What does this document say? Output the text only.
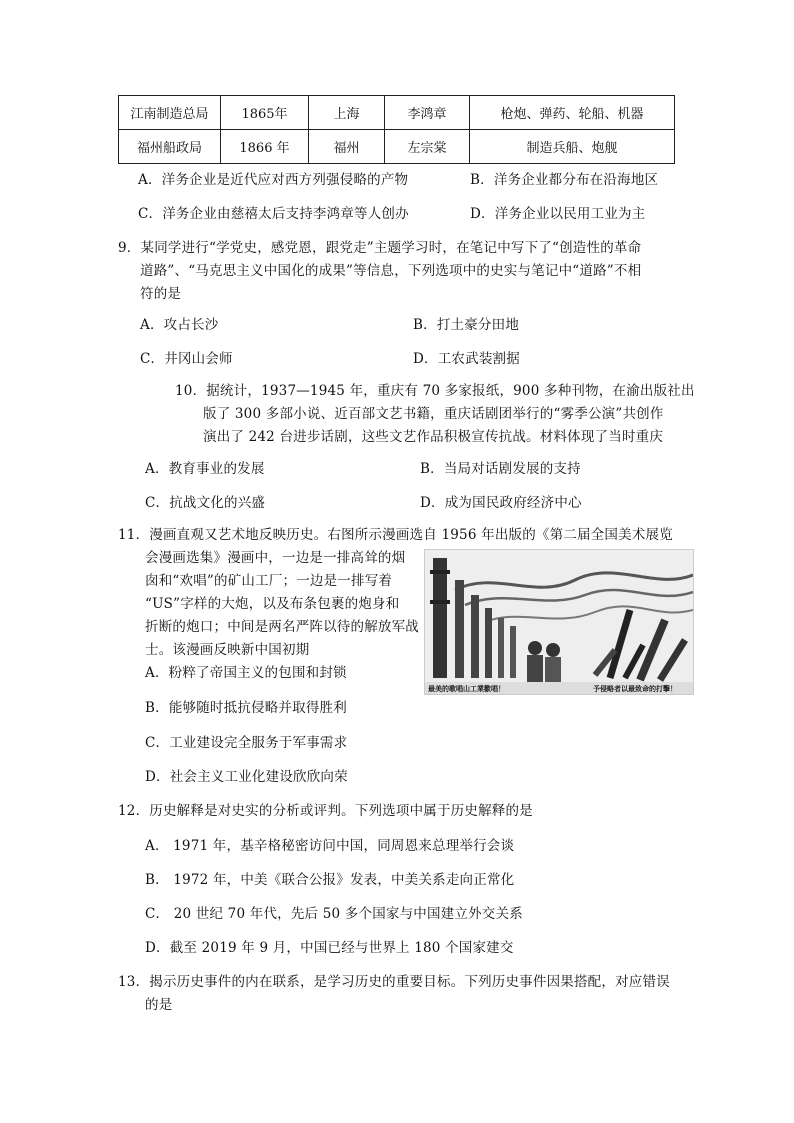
江南制造总局	1865年	上海	李鸿章	枪炮、弹药、轮船、机器
福州船政局	1866 年	福州	左宗棠	制造兵船、炮舰
A．洋务企业是近代应对西方列强侵略的产物	B．洋务企业都分布在沿海地区
C．洋务企业由慈禧太后支持李鸿章等人创办	D．洋务企业以民用工业为主
9．某同学进行“学党史，感党恩，跟党走”主题学习时，在笔记中写下了“创造性的革命
道路”、“马克思主义中国化的成果”等信息，下列选项中的史实与笔记中“道路”不相
符的是
A．攻占长沙	B．打土豪分田地
C．井冈山会师	D．工农武装割据
10．据统计，1937—1945 年，重庆有 70 多家报纸，900 多种刊物，在渝出版社出
版了 300 多部小说、近百部文艺书籍，重庆话剧团举行的“雾季公演”共创作
演出了 242 台进步话剧，这些文艺作品积极宣传抗战。材料体现了当时重庆
A．教育事业的发展	B．当局对话剧发展的支持
C．抗战文化的兴盛	D．成为国民政府经济中心
11．漫画直观又艺术地反映历史。右图所示漫画选自 1956 年出版的《第二届全国美术展览
会漫画选集》漫画中，一边是一排高耸的烟
囱和“欢唱”的矿山工厂；一边是一排写着
“US”字样的大炮，以及布条包裹的炮身和
折断的炮口；中间是两名严阵以待的解放军战
士。该漫画反映新中国初期
最美的歌唱山工業歡唱！	予侵略者以最致命的打擊！
A．粉粹了帝国主义的包围和封锁
B．能够随时抵抗侵略并取得胜利
C．工业建设完全服务于军事需求
D．社会主义工业化建设欣欣向荣
12．历史解释是对史实的分析或评判。下列选项中属于历史解释的是
A． 1971 年，基辛格秘密访问中国，同周恩来总理举行会谈
B． 1972 年，中美《联合公报》发表，中美关系走向正常化
C． 20 世纪 70 年代，先后 50 多个国家与中国建立外交关系
D．截至 2019 年 9 月，中国已经与世界上 180 个国家建交
13．揭示历史事件的内在联系，是学习历史的重要目标。下列历史事件因果搭配，对应错误
的是
